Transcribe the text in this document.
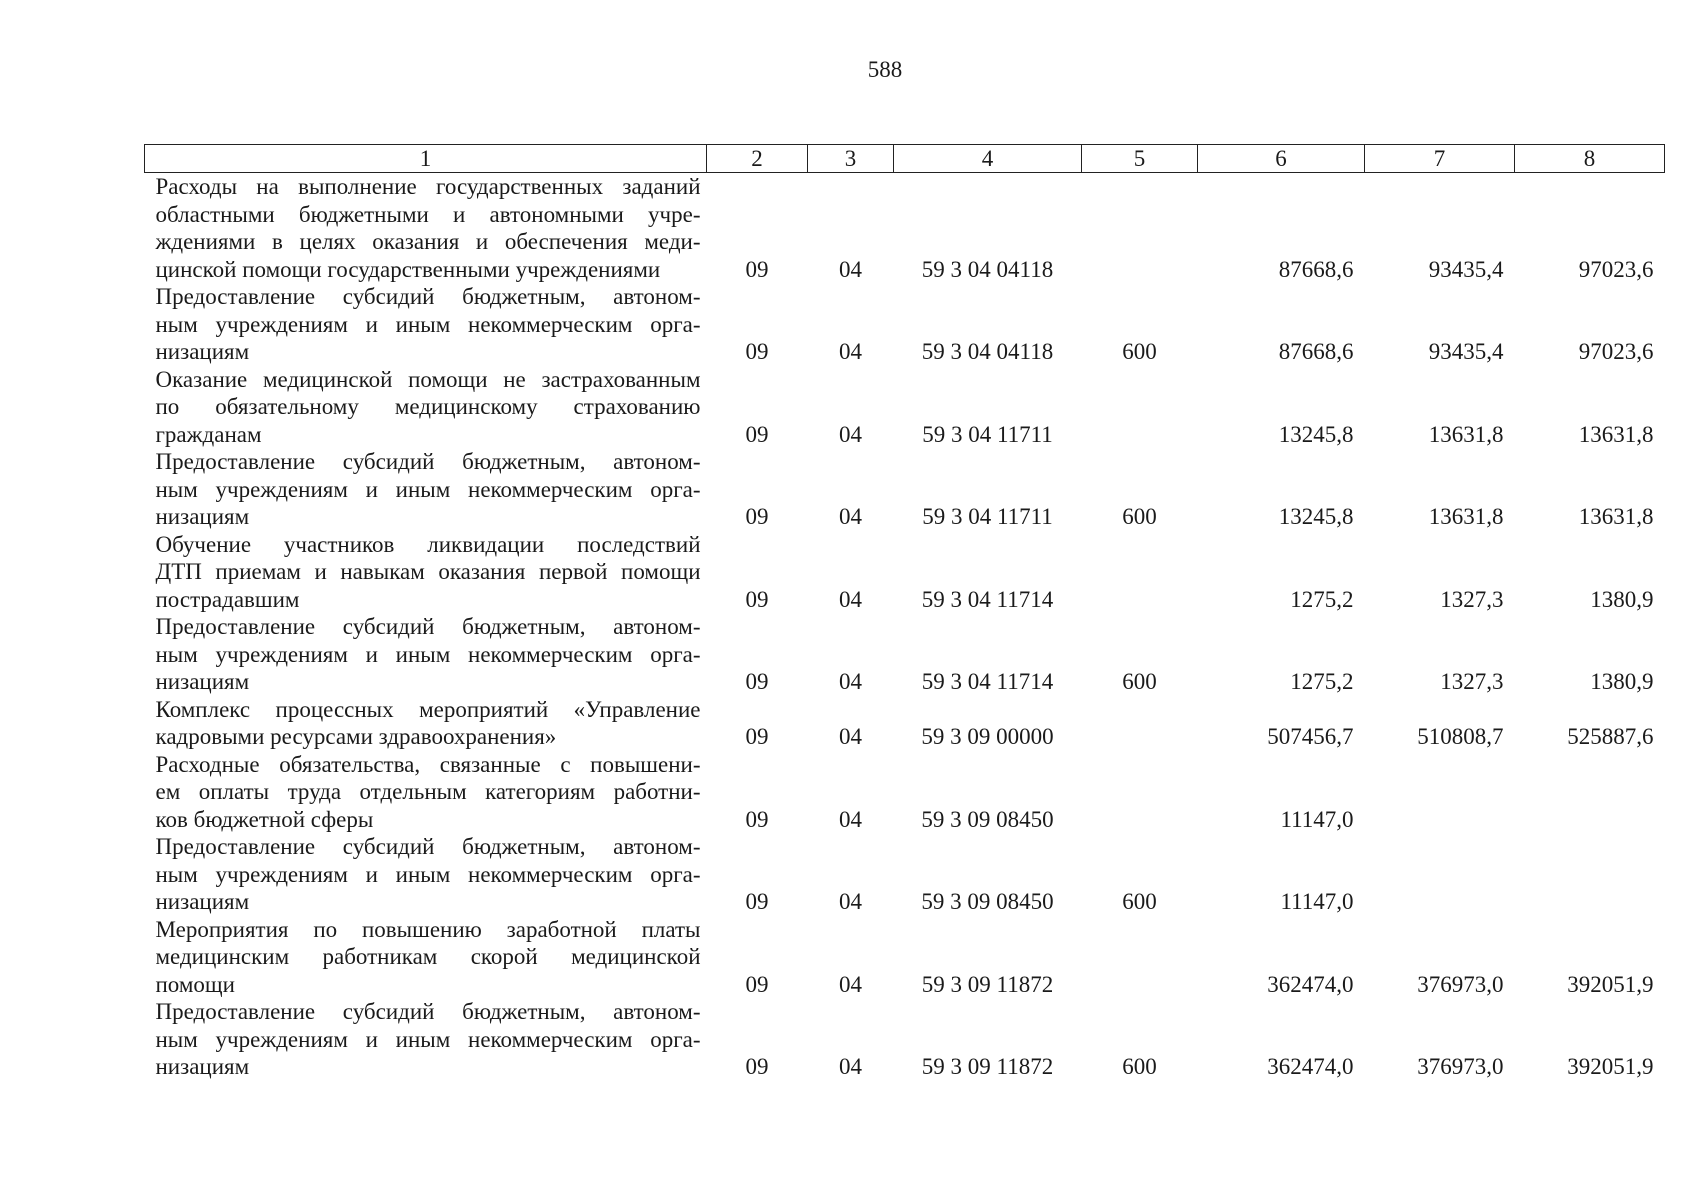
588
1	2	3	4	5	6	7	8

Расходы на выполнение государственных заданий
областными бюджетными и автономными учре-
ждениями в целях оказания и обеспечения меди-
цинской помощи государственными учреждениями	09	04	59 3 04 04118		87668,6	93435,4	97023,6

Предоставление субсидий бюджетным, автоном-
ным учреждениям и иным некоммерческим орга-
низациям	09	04	59 3 04 04118	600	87668,6	93435,4	97023,6

Оказание медицинской помощи не застрахованным
по обязательному медицинскому страхованию
гражданам	09	04	59 3 04 11711		13245,8	13631,8	13631,8

Предоставление субсидий бюджетным, автоном-
ным учреждениям и иным некоммерческим орга-
низациям	09	04	59 3 04 11711	600	13245,8	13631,8	13631,8

Обучение участников ликвидации последствий
ДТП приемам и навыкам оказания первой помощи
пострадавшим	09	04	59 3 04 11714		1275,2	1327,3	1380,9

Предоставление субсидий бюджетным, автоном-
ным учреждениям и иным некоммерческим орга-
низациям	09	04	59 3 04 11714	600	1275,2	1327,3	1380,9

Комплекс процессных мероприятий «Управление
кадровыми ресурсами здравоохранения»	09	04	59 3 09 00000		507456,7	510808,7	525887,6

Расходные обязательства, связанные с повышени-
ем оплаты труда отдельным категориям работни-
ков бюджетной сферы	09	04	59 3 09 08450		11147,0		

Предоставление субсидий бюджетным, автоном-
ным учреждениям и иным некоммерческим орга-
низациям	09	04	59 3 09 08450	600	11147,0		

Мероприятия по повышению заработной платы
медицинским работникам скорой медицинской
помощи	09	04	59 3 09 11872		362474,0	376973,0	392051,9

Предоставление субсидий бюджетным, автоном-
ным учреждениям и иным некоммерческим орга-
низациям	09	04	59 3 09 11872	600	362474,0	376973,0	392051,9
